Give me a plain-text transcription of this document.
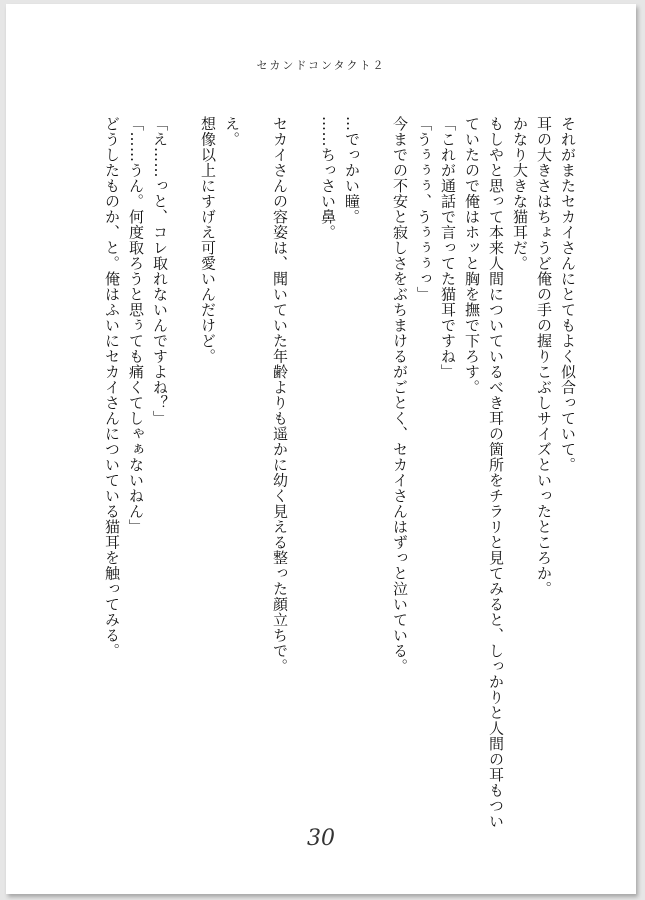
セカンドコンタクト２
それがまたセカイさんにとてもよく似合っていて。
耳の大きさはちょうど俺の手の握りこぶしサイズといったところか。
かなり大きな猫耳だ。
もしやと思って本来人間についているべき耳の箇所をチラリと見てみると、しっかりと人間の耳もつい
ていたので俺はホッと胸を撫で下ろす。
「これが通話で言ってた猫耳ですね」
「うぅぅぅ、うぅぅぅっ」
今までの不安と寂しさをぶちまけるがごとく、セカイさんはずっと泣いている。
…でっかい瞳。
……ちっさい鼻。
セカイさんの容姿は、聞いていた年齢よりも遥かに幼く見える整った顔立ちで。
え。
想像以上にすげえ可愛いんだけど。
「え……っと、コレ取れないんですよね？」
「……うん。何度取ろうと思ぅても痛くてしゃぁないねん」
どうしたものか、と。俺はふいにセカイさんについている猫耳を触ってみる。
30
